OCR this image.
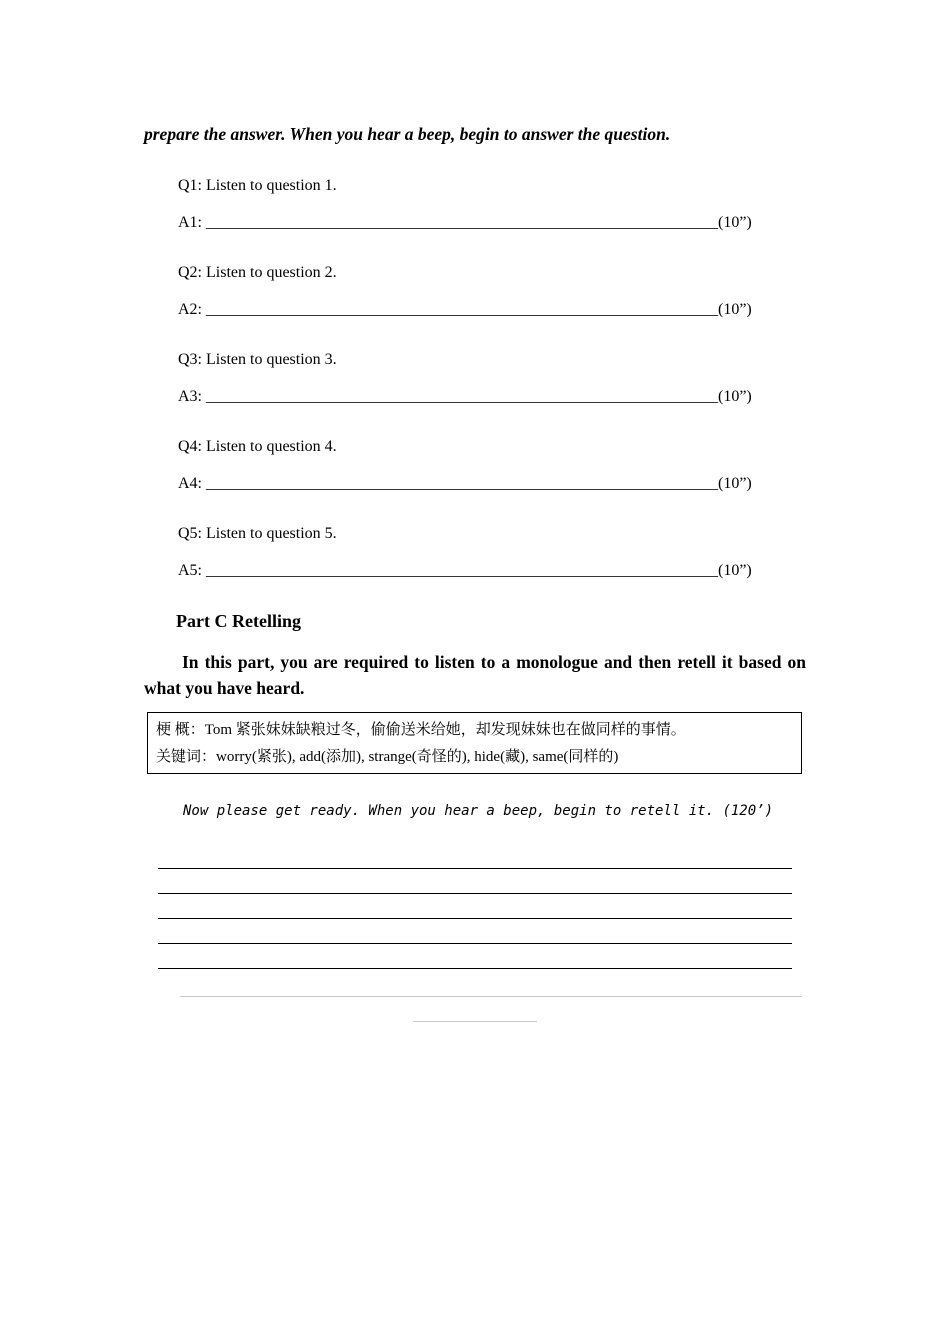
prepare the answer. When you hear a beep, begin to answer the question.
Q1: Listen to question 1.
A1: ________________________________________________________________(10”)
Q2: Listen to question 2.
A2: ________________________________________________________________(10”)
Q3: Listen to question 3.
A3: ________________________________________________________________(10”)
Q4: Listen to question 4.
A4: ________________________________________________________________(10”)
Q5: Listen to question 5.
A5: ________________________________________________________________(10”)
Part C Retelling
In this part, you are required to listen to a monologue and then retell it based on what you have heard.
梗 概：Tom 紧张妹妹缺粮过冬，偷偷送米给她，却发现妹妹也在做同样的事情。
关键词：worry(紧张), add(添加), strange(奇怪的), hide(藏), same(同样的)
Now please get ready. When you hear a beep, begin to retell it. (120’)
